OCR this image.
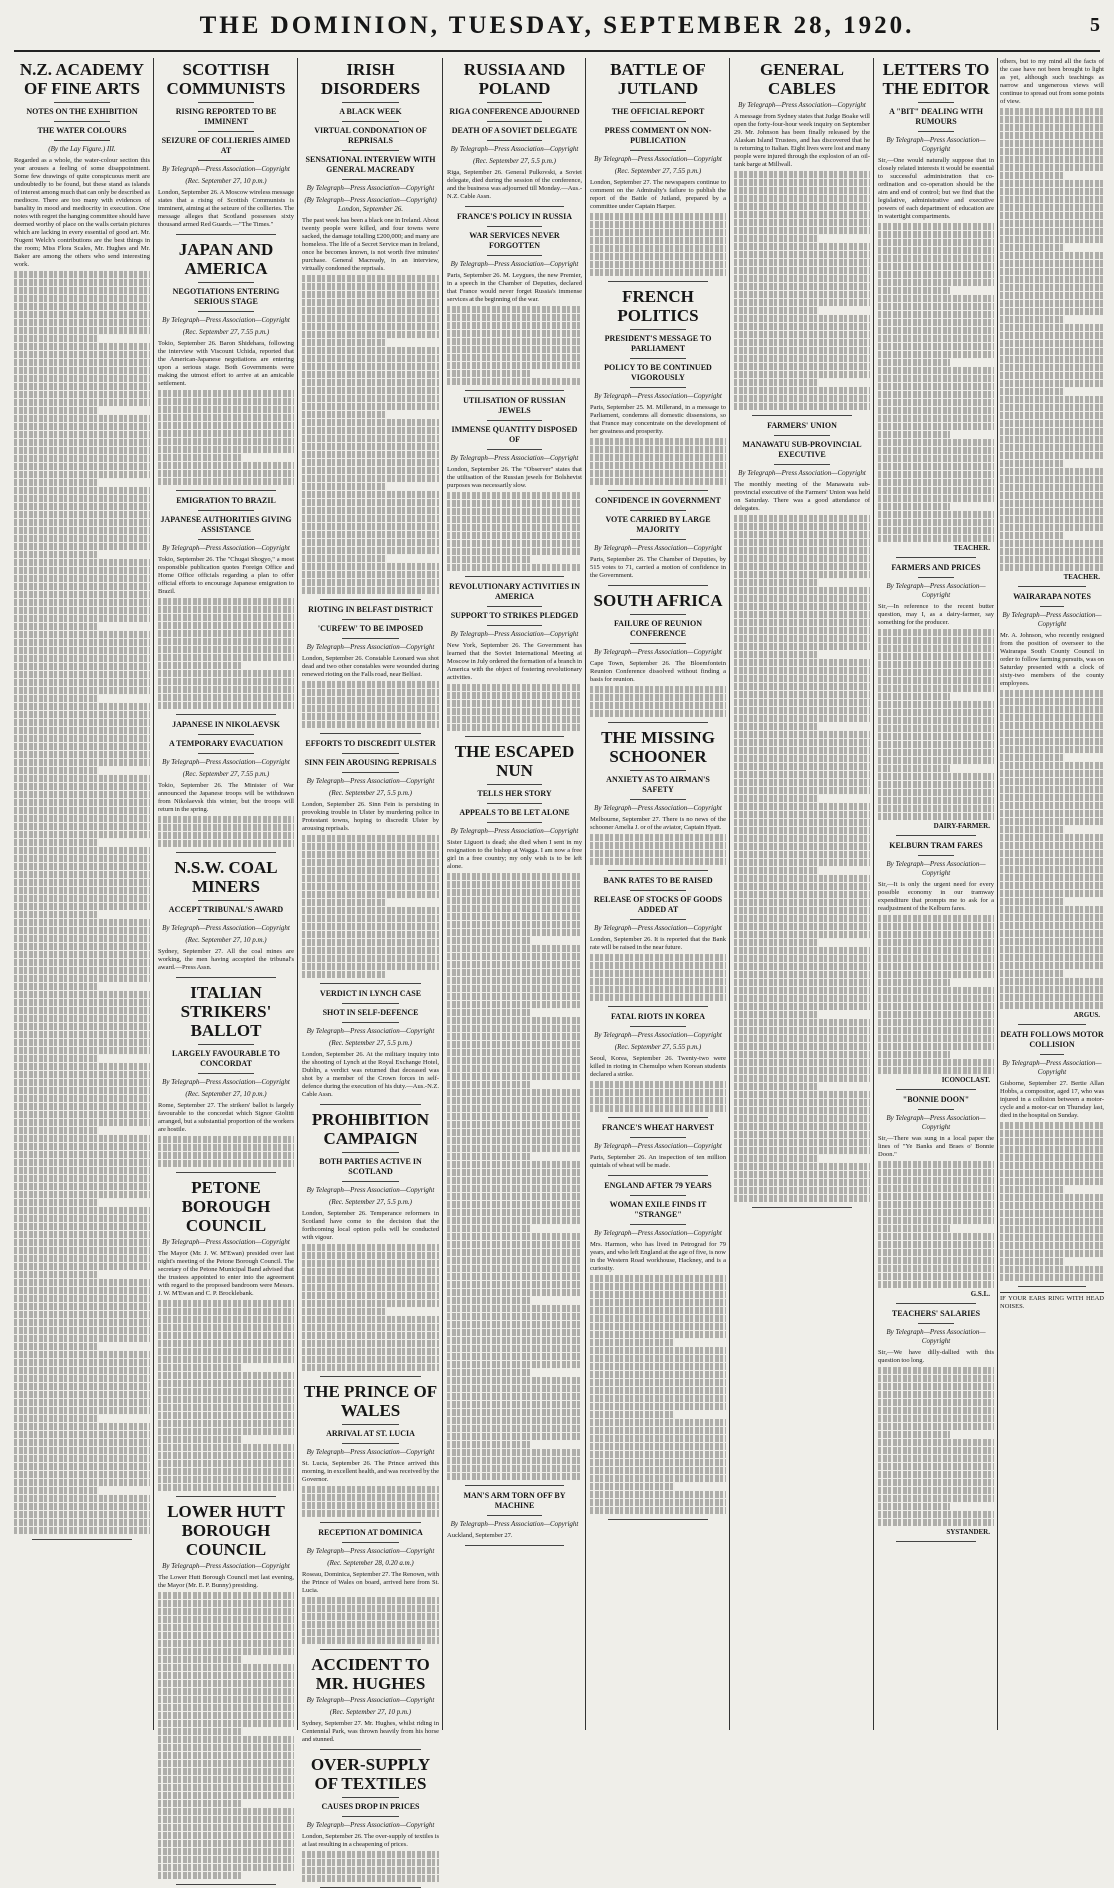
THE DOMINION, TUESDAY, SEPTEMBER 28, 1920.	5
N.Z. ACADEMY OF FINE ARTS
NOTES ON THE EXHIBITION
THE WATER COLOURS
(By the Lay Figure.) III.

Regarded as a whole, the water-colour section this year arouses a feeling of some disappointment. Some few drawings of quite conspicuous merit are undoubtedly to be found, but these stand as islands of interest among much that can only be described as mediocre. There are too many with evidences of banality in mood and mediocrity in execution. One notes with regret the hanging committee should have deemed worthy of place on the walls certain pictures which are lacking in every essential of good art. Mr. Nugent Welch's contributions are the best things in the room; Miss Flora Scales, Mr. Hughes and Mr. Baker are among the others who send interesting work.

SCOTTISH COMMUNISTS
RISING REPORTED TO BE IMMINENT
SEIZURE OF COLLIERIES AIMED AT
By Telegraph—Press Association—Copyright
(Rec. September 27, 10 p.m.)

London, September 26. A Moscow wireless message states that a rising of Scottish Communists is imminent, aiming at the seizure of the collieries. The message alleges that Scotland possesses sixty thousand armed Red Guards.—"The Times."

JAPAN AND AMERICA
NEGOTIATIONS ENTERING SERIOUS STAGE
By Telegraph—Press Association—Copyright
(Rec. September 27, 7.55 p.m.)

Tokio, September 26. Baron Shidehara, following the interview with Viscount Uchida, reported that the American-Japanese negotiations are entering upon a serious stage. Both Governments were making the utmost effort to arrive at an amicable settlement.

EMIGRATION TO BRAZIL
JAPANESE AUTHORITIES GIVING ASSISTANCE
By Telegraph—Press Association—Copyright

Tokio, September 26. The "Chugai Shogyo," a most responsible publication quotes Foreign Office and Home Office officials regarding a plan to offer official efforts to encourage Japanese emigration to Brazil.

JAPANESE IN NIKOLAEVSK
A TEMPORARY EVACUATION
By Telegraph—Press Association—Copyright
(Rec. September 27, 7.55 p.m.)

Tokio, September 26. The Minister of War announced the Japanese troops will be withdrawn from Nikolaevsk this winter, but the troops will return in the spring.

N.S.W. COAL MINERS
ACCEPT TRIBUNAL'S AWARD
By Telegraph—Press Association—Copyright
(Rec. September 27, 10 p.m.)

Sydney, September 27. All the coal mines are working, the men having accepted the tribunal's award.—Press Assn.

ITALIAN STRIKERS' BALLOT
LARGELY FAVOURABLE TO CONCORDAT
By Telegraph—Press Association—Copyright
(Rec. September 27, 10 p.m.)

Rome, September 27. The strikers' ballot is largely favourable to the concordat which Signor Giolitti arranged, but a substantial proportion of the workers are hostile.

PETONE BOROUGH COUNCIL
By Telegraph—Press Association—Copyright

The Mayor (Mr. J. W. M'Ewan) presided over last night's meeting of the Petone Borough Council. The secretary of the Petone Municipal Band advised that the trustees appointed to enter into the agreement with regard to the proposed bandroom were Messrs. J. W. M'Ewan and C. P. Brocklebank.

LOWER HUTT BOROUGH COUNCIL
By Telegraph—Press Association—Copyright

The Lower Hutt Borough Council met last evening, the Mayor (Mr. E. P. Bunny) presiding.

IRISH DISORDERS
A BLACK WEEK
VIRTUAL CONDONATION OF REPRISALS
SENSATIONAL INTERVIEW WITH GENERAL MACREADY
By Telegraph—Press Association—Copyright
(By Telegraph—Press Association—Copyright) London, September 26.

The past week has been a black one in Ireland. About twenty people were killed, and four towns were sacked, the damage totalling £200,000; and many are homeless. The life of a Secret Service man in Ireland, once he becomes known, is not worth five minutes' purchase. General Macready, in an interview, virtually condoned the reprisals.

RIOTING IN BELFAST DISTRICT
'CURFEW' TO BE IMPOSED
By Telegraph—Press Association—Copyright

London, September 26. Constable Leonard was shot dead and two other constables were wounded during renewed rioting on the Falls road, near Belfast.

EFFORTS TO DISCREDIT ULSTER
SINN FEIN AROUSING REPRISALS
By Telegraph—Press Association—Copyright
(Rec. September 27, 5.5 p.m.)

London, September 26. Sinn Fein is persisting in provoking trouble in Ulster by murdering police in Protestant towns, hoping to discredit Ulster by arousing reprisals.

VERDICT IN LYNCH CASE
SHOT IN SELF-DEFENCE
By Telegraph—Press Association—Copyright
(Rec. September 27, 5.5 p.m.)

London, September 26. At the military inquiry into the shooting of Lynch at the Royal Exchange Hotel, Dublin, a verdict was returned that deceased was shot by a member of the Crown forces in self-defence during the execution of his duty.—Aus.-N.Z. Cable Assn.

PROHIBITION CAMPAIGN
BOTH PARTIES ACTIVE IN SCOTLAND
By Telegraph—Press Association—Copyright
(Rec. September 27, 5.5 p.m.)

London, September 26. Temperance reformers in Scotland have come to the decision that the forthcoming local option polls will be conducted with vigour.

THE PRINCE OF WALES
ARRIVAL AT ST. LUCIA
By Telegraph—Press Association—Copyright

St. Lucia, September 26. The Prince arrived this morning, in excellent health, and was received by the Governor.

RECEPTION AT DOMINICA
By Telegraph—Press Association—Copyright
(Rec. September 28, 0.20 a.m.)

Roseau, Dominica, September 27. The Renown, with the Prince of Wales on board, arrived here from St. Lucia.

ACCIDENT TO MR. HUGHES
By Telegraph—Press Association—Copyright
(Rec. September 27, 10 p.m.)

Sydney, September 27. Mr. Hughes, whilst riding in Centennial Park, was thrown heavily from his horse and stunned.

OVER-SUPPLY OF TEXTILES
CAUSES DROP IN PRICES
By Telegraph—Press Association—Copyright

London, September 26. The over-supply of textiles is at last resulting in a cheapening of prices.

RUSSIA AND POLAND
RIGA CONFERENCE ADJOURNED
DEATH OF A SOVIET DELEGATE
By Telegraph—Press Association—Copyright
(Rec. September 27, 5.5 p.m.)

Riga, September 26. General Pulkovski, a Soviet delegate, died during the session of the conference, and the business was adjourned till Monday.—Aus.-N.Z. Cable Assn.

FRANCE'S POLICY IN RUSSIA
WAR SERVICES NEVER FORGOTTEN
By Telegraph—Press Association—Copyright

Paris, September 26. M. Leygues, the new Premier, in a speech in the Chamber of Deputies, declared that France would never forget Russia's immense services at the beginning of the war.

UTILISATION OF RUSSIAN JEWELS
IMMENSE QUANTITY DISPOSED OF
By Telegraph—Press Association—Copyright

London, September 26. The "Observer" states that the utilisation of the Russian jewels for Bolshevist purposes was necessarily slow.

REVOLUTIONARY ACTIVITIES IN AMERICA
SUPPORT TO STRIKES PLEDGED
By Telegraph—Press Association—Copyright

New York, September 26. The Government has learned that the Soviet International Meeting at Moscow in July ordered the formation of a branch in America with the object of fostering revolutionary activities.

THE ESCAPED NUN
TELLS HER STORY
APPEALS TO BE LET ALONE
By Telegraph—Press Association—Copyright

Sister Liguori is dead; she died when I sent in my resignation to the bishop at Wagga. I am now a free girl in a free country; my only wish is to be left alone.

MAN'S ARM TORN OFF BY MACHINE
By Telegraph—Press Association—Copyright

Auckland, September 27.

BATTLE OF JUTLAND
THE OFFICIAL REPORT
PRESS COMMENT ON NON-PUBLICATION
By Telegraph—Press Association—Copyright
(Rec. September 27, 7.55 p.m.)

London, September 27. The newspapers continue to comment on the Admiralty's failure to publish the report of the Battle of Jutland, prepared by a committee under Captain Harper.

FRENCH POLITICS
PRESIDENT'S MESSAGE TO PARLIAMENT
POLICY TO BE CONTINUED VIGOROUSLY
By Telegraph—Press Association—Copyright

Paris, September 25. M. Millerand, in a message to Parliament, condemns all domestic dissensions, so that France may concentrate on the development of her greatness and prosperity.

CONFIDENCE IN GOVERNMENT
VOTE CARRIED BY LARGE MAJORITY
By Telegraph—Press Association—Copyright

Paris, September 26. The Chamber of Deputies, by 515 votes to 71, carried a motion of confidence in the Government.

SOUTH AFRICA
FAILURE OF REUNION CONFERENCE
By Telegraph—Press Association—Copyright

Cape Town, September 26. The Bloemfontein Reunion Conference dissolved without finding a basis for reunion.

THE MISSING SCHOONER
ANXIETY AS TO AIRMAN'S SAFETY
By Telegraph—Press Association—Copyright

Melbourne, September 27. There is no news of the schooner Amelia J. or of the aviator, Captain Hyatt.

BANK RATES TO BE RAISED
RELEASE OF STOCKS OF GOODS ADDED AT
By Telegraph—Press Association—Copyright

London, September 26. It is reported that the Bank rate will be raised in the near future.

FATAL RIOTS IN KOREA
By Telegraph—Press Association—Copyright
(Rec. September 27, 5.55 p.m.)

Seoul, Korea, September 26. Twenty-two were killed in rioting in Chemulpo when Korean students declared a strike.

FRANCE'S WHEAT HARVEST
By Telegraph—Press Association—Copyright

Paris, September 26. An inspection of ten million quintals of wheat will be made.

ENGLAND AFTER 79 YEARS
WOMAN EXILE FINDS IT "STRANGE"
By Telegraph—Press Association—Copyright

Mrs. Harmon, who has lived in Petrograd for 79 years, and who left England at the age of five, is now in the Western Road workhouse, Hackney, and is a curiosity.

GENERAL CABLES
By Telegraph—Press Association—Copyright

A message from Sydney states that Judge Boake will open the forty-four-hour week inquiry on September 29. Mr. Johnson has been finally released by the Alaskan Island Trustees, and has discovered that he is returning to Italian. Eight lives were lost and many people were injured through the explosion of an oil-tank barge at Millwall.

FARMERS' UNION
MANAWATU SUB-PROVINCIAL EXECUTIVE
By Telegraph—Press Association—Copyright

The monthly meeting of the Manawatu sub-provincial executive of the Farmers' Union was held on Saturday. There was a good attendance of delegates.

LETTERS TO THE EDITOR
A "BIT" DEALING WITH RUMOURS
By Telegraph—Press Association—Copyright

Sir,—One would naturally suppose that in closely related interests it would be essential to successful administration that co-ordination and co-operation should be the aim and end of control; but we find that the legislative, administrative and executive powers of each department of education are in watertight compartments.

TEACHER.
FARMERS AND PRICES
By Telegraph—Press Association—Copyright

Sir,—In reference to the recent butter question, may I, as a dairy-farmer, say something for the producer.

DAIRY-FARMER.
KELBURN TRAM FARES
By Telegraph—Press Association—Copyright

Sir,—It is only the urgent need for every possible economy in our tramway expenditure that prompts me to ask for a readjustment of the Kelburn fares.

ICONOCLAST.
"BONNIE DOON"
By Telegraph—Press Association—Copyright

Sir,—There was sung in a local paper the lines of "Ye Banks and Braes o' Bonnie Doon."

G.S.L.
TEACHERS' SALARIES
By Telegraph—Press Association—Copyright

Sir,—We have dilly-dallied with this question too long.

SYSTANDER.

others, but to my mind all the facts of the case have not been brought to light as yet, although such teachings as narrow and ungenerous views will continue to spread out from some points of view.

TEACHER.
WAIRARAPA NOTES
By Telegraph—Press Association—Copyright

Mr. A. Johnson, who recently resigned from the position of overseer to the Wairarapa South County Council in order to follow farming pursuits, was on Saturday presented with a clock of sixty-two members of the county employees.

ARGUS.
DEATH FOLLOWS MOTOR COLLISION
By Telegraph—Press Association—Copyright

Gisborne, September 27. Bertie Allan Hobbs, a compositor, aged 17, who was injured in a collision between a motor-cycle and a motor-car on Thursday last, died in the hospital on Sunday.

IF YOUR EARS RING WITH HEAD NOISES.
